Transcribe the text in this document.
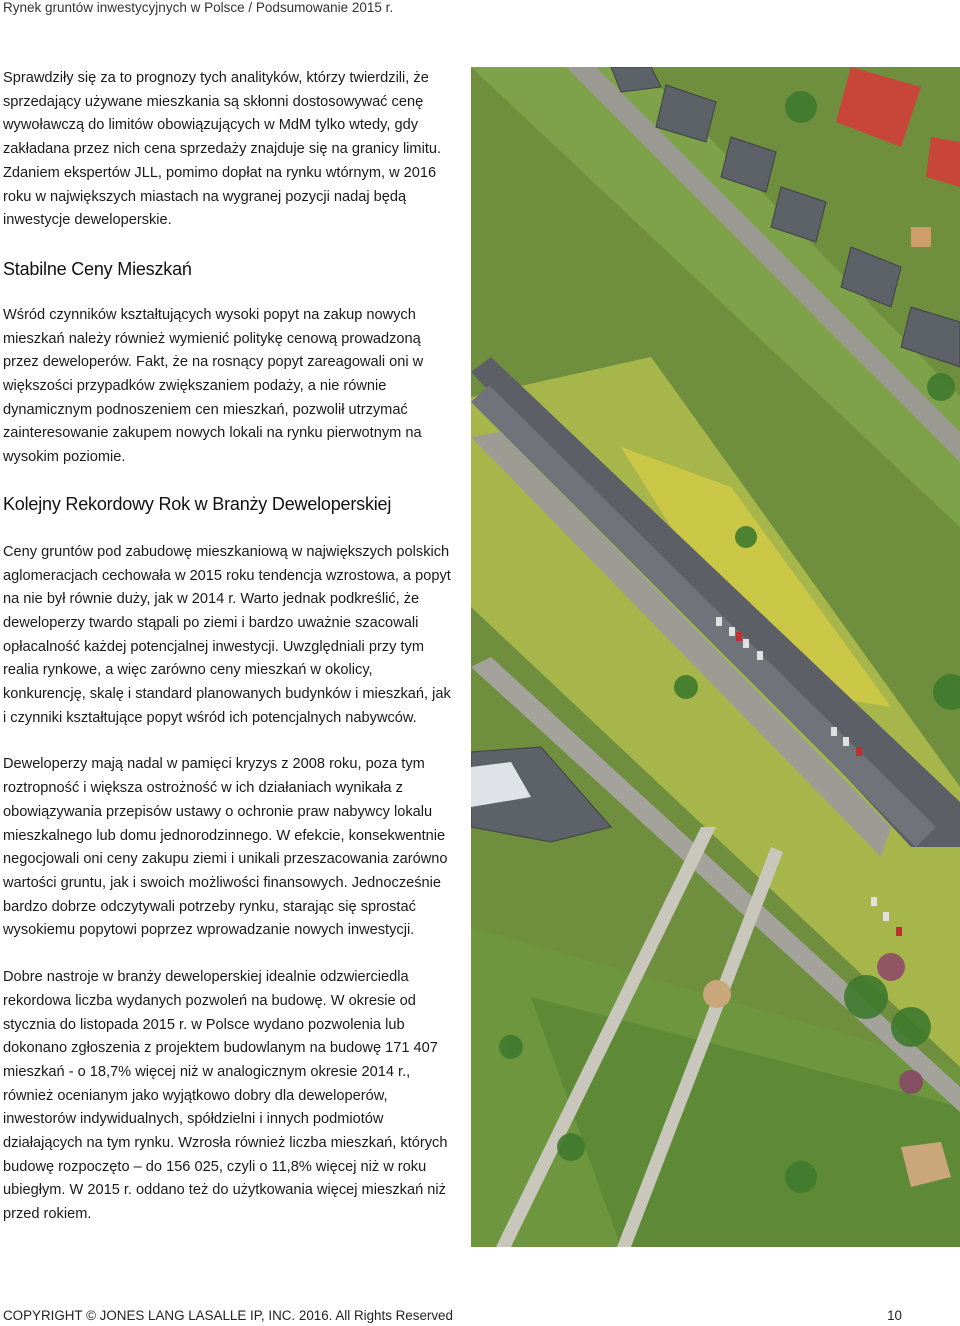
Rynek gruntów inwestycyjnych w Polsce / Podsumowanie 2015 r.
Sprawdziły się za to prognozy tych analityków, którzy twierdzili, że
sprzedający używane mieszkania są skłonni dostosowywać cenę
wywoławczą do limitów obowiązujących w MdM tylko wtedy, gdy
zakładana przez nich cena sprzedaży znajduje się na granicy limitu.
Zdaniem ekspertów JLL, pomimo dopłat na rynku wtórnym, w 2016
roku w największych miastach na wygranej pozycji nadaj będą
inwestycje deweloperskie.
Stabilne Ceny Mieszkań
Wśród czynników kształtujących wysoki popyt na zakup nowych
mieszkań należy również wymienić politykę cenową prowadzoną
przez deweloperów. Fakt, że na rosnący popyt zareagowali oni w
większości przypadków zwiększaniem podaży, a nie równie
dynamicznym podnoszeniem cen mieszkań, pozwolił utrzymać
zainteresowanie zakupem nowych lokali na rynku pierwotnym na
wysokim poziomie.
Kolejny Rekordowy Rok w Branży Deweloperskiej
Ceny gruntów pod zabudowę mieszkaniową w największych polskich
aglomeracjach cechowała w 2015 roku tendencja wzrostowa, a popyt
na nie był równie duży, jak w 2014 r. Warto jednak podkreślić, że
deweloperzy twardo stąpali po ziemi i bardzo uważnie szacowali
opłacalność każdej potencjalnej inwestycji. Uwzględniali przy tym
realia rynkowe, a więc zarówno ceny mieszkań w okolicy,
konkurencję, skalę i standard planowanych budynków i mieszkań, jak
i czynniki kształtujące popyt wśród ich potencjalnych nabywców.
Deweloperzy mają nadal w pamięci kryzys z 2008 roku, poza tym
roztropność i większa ostrożność w ich działaniach wynikała z
obowiązywania przepisów ustawy o ochronie praw nabywcy lokalu
mieszkalnego lub domu jednorodzinnego. W efekcie, konsekwentnie
negocjowali oni ceny zakupu ziemi i unikali przeszacowania zarówno
wartości gruntu, jak i swoich możliwości finansowych. Jednocześnie
bardzo dobrze odczytywali potrzeby rynku, starając się sprostać
wysokiemu popytowi poprzez wprowadzanie nowych inwestycji.
Dobre nastroje w branży deweloperskiej idealnie odzwierciedla
rekordowa liczba wydanych pozwoleń na budowę. W okresie od
stycznia do listopada 2015 r. w Polsce wydano pozwolenia lub
dokonano zgłoszenia z projektem budowlanym na budowę 171 407
mieszkań - o 18,7% więcej niż w analogicznym okresie 2014 r.,
również ocenianym jako wyjątkowo dobry dla deweloperów,
inwestorów indywidualnych, spółdzielni i innych podmiotów
działających na tym rynku. Wzrosła również liczba mieszkań, których
budowę rozpoczęto – do 156 025, czyli o 11,8% więcej niż w roku
ubiegłym. W 2015 r. oddano też do użytkowania więcej mieszkań niż
przed rokiem.
COPYRIGHT © JONES LANG LASALLE IP, INC. 2016. All Rights Reserved	10
